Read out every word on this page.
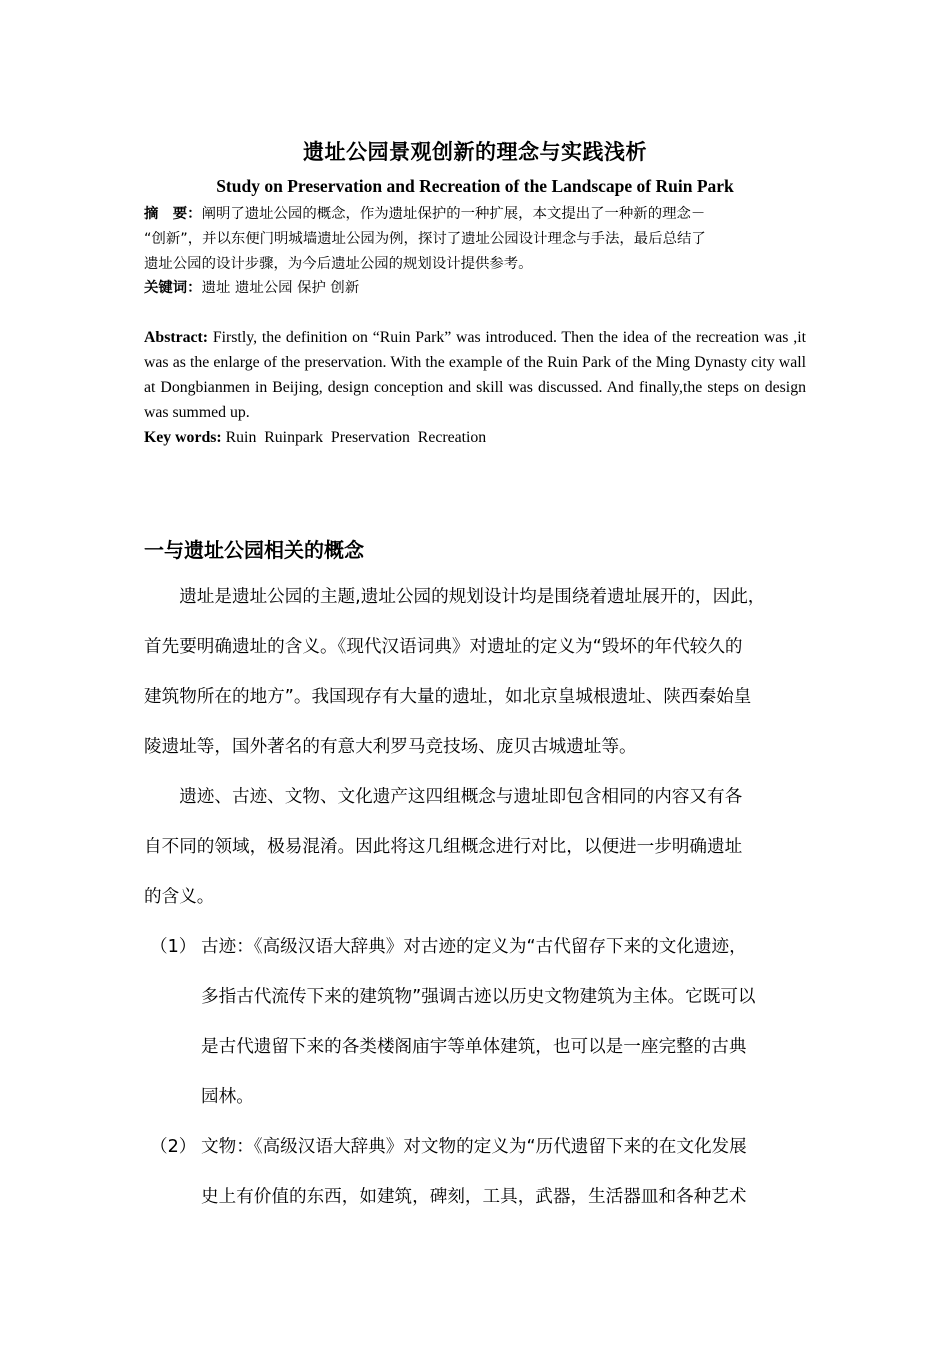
遗址公园景观创新的理念与实践浅析
Study on Preservation and Recreation of the Landscape of Ruin Park
摘　要：阐明了遗址公园的概念，作为遗址保护的一种扩展，本文提出了一种新的理念－
“创新”，并以东便门明城墙遗址公园为例，探讨了遗址公园设计理念与手法，最后总结了
遗址公园的设计步骤，为今后遗址公园的规划设计提供参考。
关键词：遗址 遗址公园 保护 创新
Abstract: Firstly, the definition on “Ruin Park” was introduced. Then the idea of the recreation was ,it was as the enlarge of the preservation. With the example of the Ruin Park of the Ming Dynasty city wall at Dongbianmen in Beijing, design conception and skill was discussed. And finally,the steps on design was summed up.
Key words: Ruin  Ruinpark  Preservation  Recreation
一与遗址公园相关的概念
　　遗址是遗址公园的主题,遗址公园的规划设计均是围绕着遗址展开的，因此，
首先要明确遗址的含义。《现代汉语词典》对遗址的定义为“毁坏的年代较久的
建筑物所在的地方”。我国现存有大量的遗址，如北京皇城根遗址、陕西秦始皇
陵遗址等，国外著名的有意大利罗马竞技场、庞贝古城遗址等。
　　遗迹、古迹、文物、文化遗产这四组概念与遗址即包含相同的内容又有各
自不同的领域，极易混淆。因此将这几组概念进行对比，以便进一步明确遗址
的含义。
（1） 古迹：《高级汉语大辞典》对古迹的定义为“古代留存下来的文化遗迹，
多指古代流传下来的建筑物”强调古迹以历史文物建筑为主体。它既可以
是古代遗留下来的各类楼阁庙宇等单体建筑，也可以是一座完整的古典
园林。
（2） 文物：《高级汉语大辞典》对文物的定义为“历代遗留下来的在文化发展
史上有价值的东西，如建筑，碑刻，工具，武器，生活器皿和各种艺术
